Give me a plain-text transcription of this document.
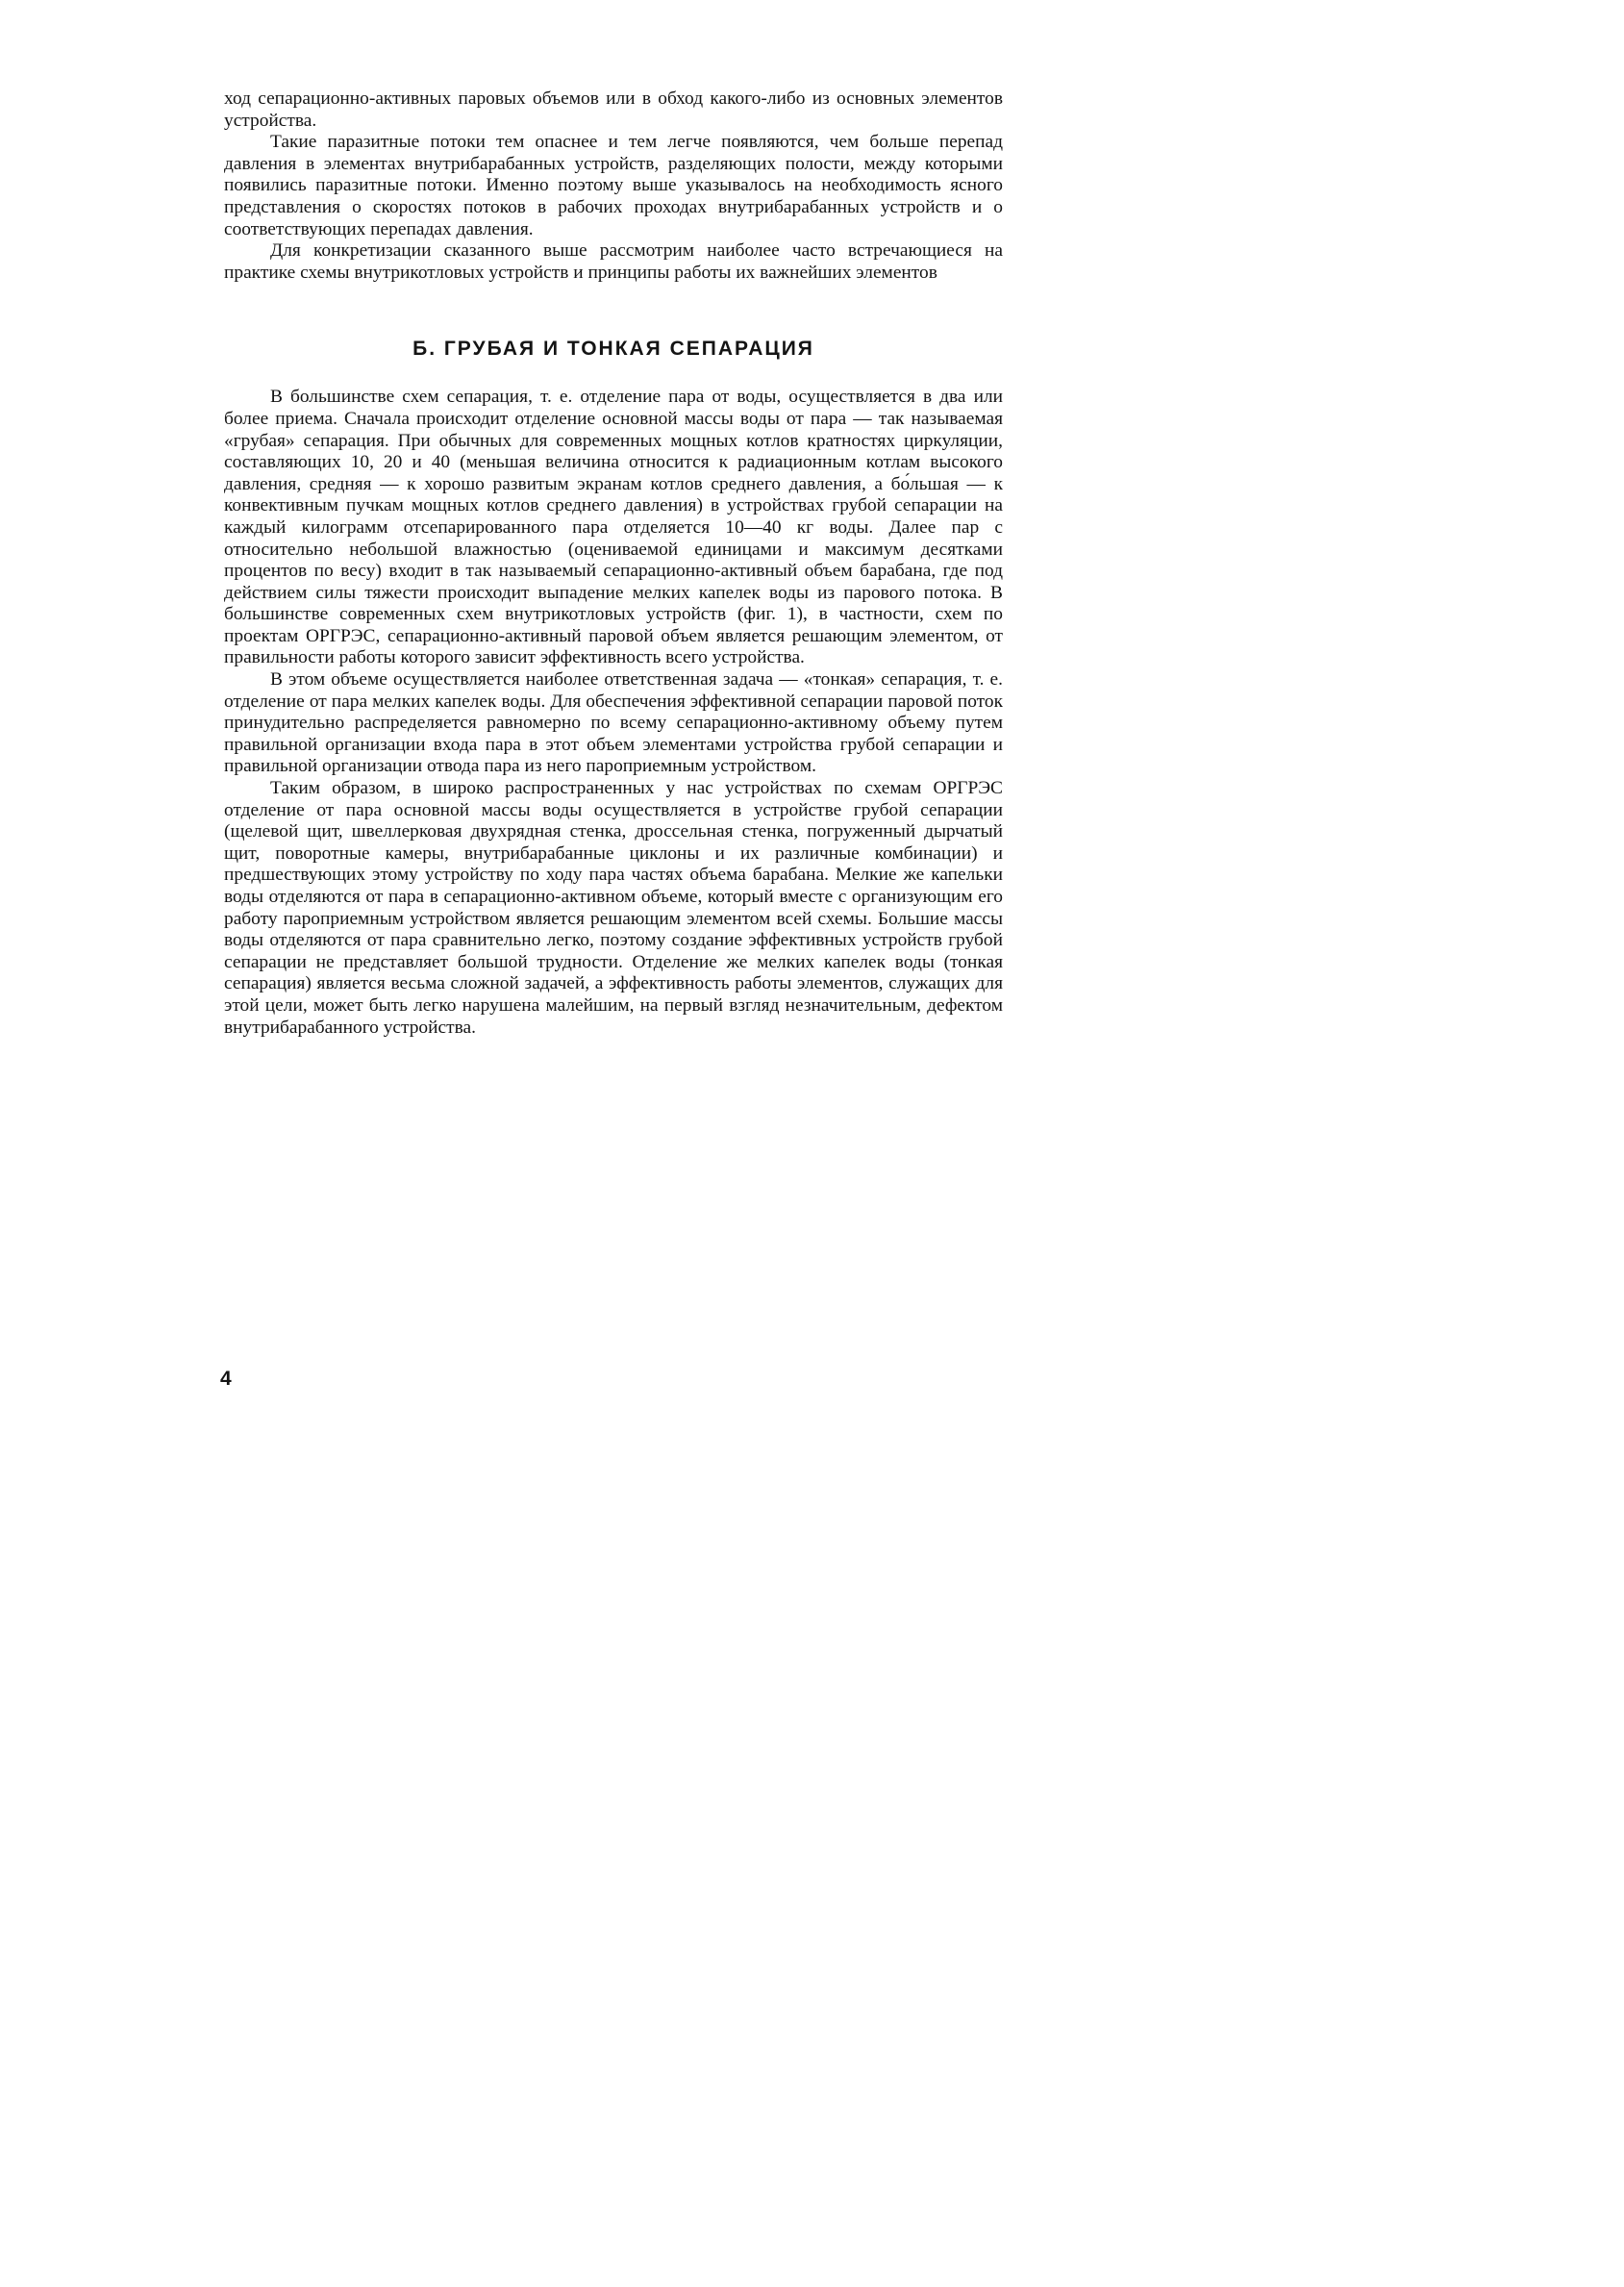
ход сепарационно-активных паровых объемов или в обход какого-либо из основных элементов устройства.

Такие паразитные потоки тем опаснее и тем легче появляются, чем больше перепад давления в элементах внутрибарабанных устройств, разделяющих полости, между которыми появились паразитные потоки. Именно поэтому выше указывалось на необходимость ясного представления о скоростях потоков в рабочих проходах внутрибарабанных устройств и о соответствующих перепадах давления.

Для конкретизации сказанного выше рассмотрим наиболее часто встречающиеся на практике схемы внутрикотловых устройств и принципы работы их важнейших элементов

Б. ГРУБАЯ И ТОНКАЯ СЕПАРАЦИЯ

В большинстве схем сепарация, т. е. отделение пара от воды, осуществляется в два или более приема. Сначала происходит отделение основной массы воды от пара — так называемая «грубая» сепарация. При обычных для современных мощных котлов кратностях циркуляции, составляющих 10, 20 и 40 (меньшая величина относится к радиационным котлам высокого давления, средняя — к хорошо развитым экранам котлов среднего давления, а бо́льшая — к конвективным пучкам мощных котлов среднего давления) в устройствах грубой сепарации на каждый килограмм отсепарированного пара отделяется 10—40 кг воды. Далее пар с относительно небольшой влажностью (оцениваемой единицами и максимум десятками процентов по весу) входит в так называемый сепарационно-активный объем барабана, где под действием силы тяжести происходит выпадение мелких капелек воды из парового потока. В большинстве современных схем внутрикотловых устройств (фиг. 1), в частности, схем по проектам ОРГРЭС, сепарационно-активный паровой объем является решающим элементом, от правильности работы которого зависит эффективность всего устройства.

В этом объеме осуществляется наиболее ответственная задача — «тонкая» сепарация, т. е. отделение от пара мелких капелек воды. Для обеспечения эффективной сепарации паровой поток принудительно распределяется равномерно по всему сепарационно-активному объему путем правильной организации входа пара в этот объем элементами устройства грубой сепарации и правильной организации отвода пара из него пароприемным устройством.

Таким образом, в широко распространенных у нас устройствах по схемам ОРГРЭС отделение от пара основной массы воды осуществляется в устройстве грубой сепарации (щелевой щит, швеллерковая двухрядная стенка, дроссельная стенка, погруженный дырчатый щит, поворотные камеры, внутрибарабанные циклоны и их различные комбинации) и предшествующих этому устройству по ходу пара частях объема барабана. Мелкие же капельки воды отделяются от пара в сепарационно-активном объеме, который вместе с организующим его работу пароприемным устройством является решающим элементом всей схемы. Большие массы воды отделяются от пара сравнительно легко, поэтому создание эффективных устройств грубой сепарации не представляет большой трудности. Отделение же мелких капелек воды (тонкая сепарация) является весьма сложной задачей, а эффективность работы элементов, служащих для этой цели, может быть легко нарушена малейшим, на первый взгляд незначительным, дефектом внутрибарабанного устройства.

4
